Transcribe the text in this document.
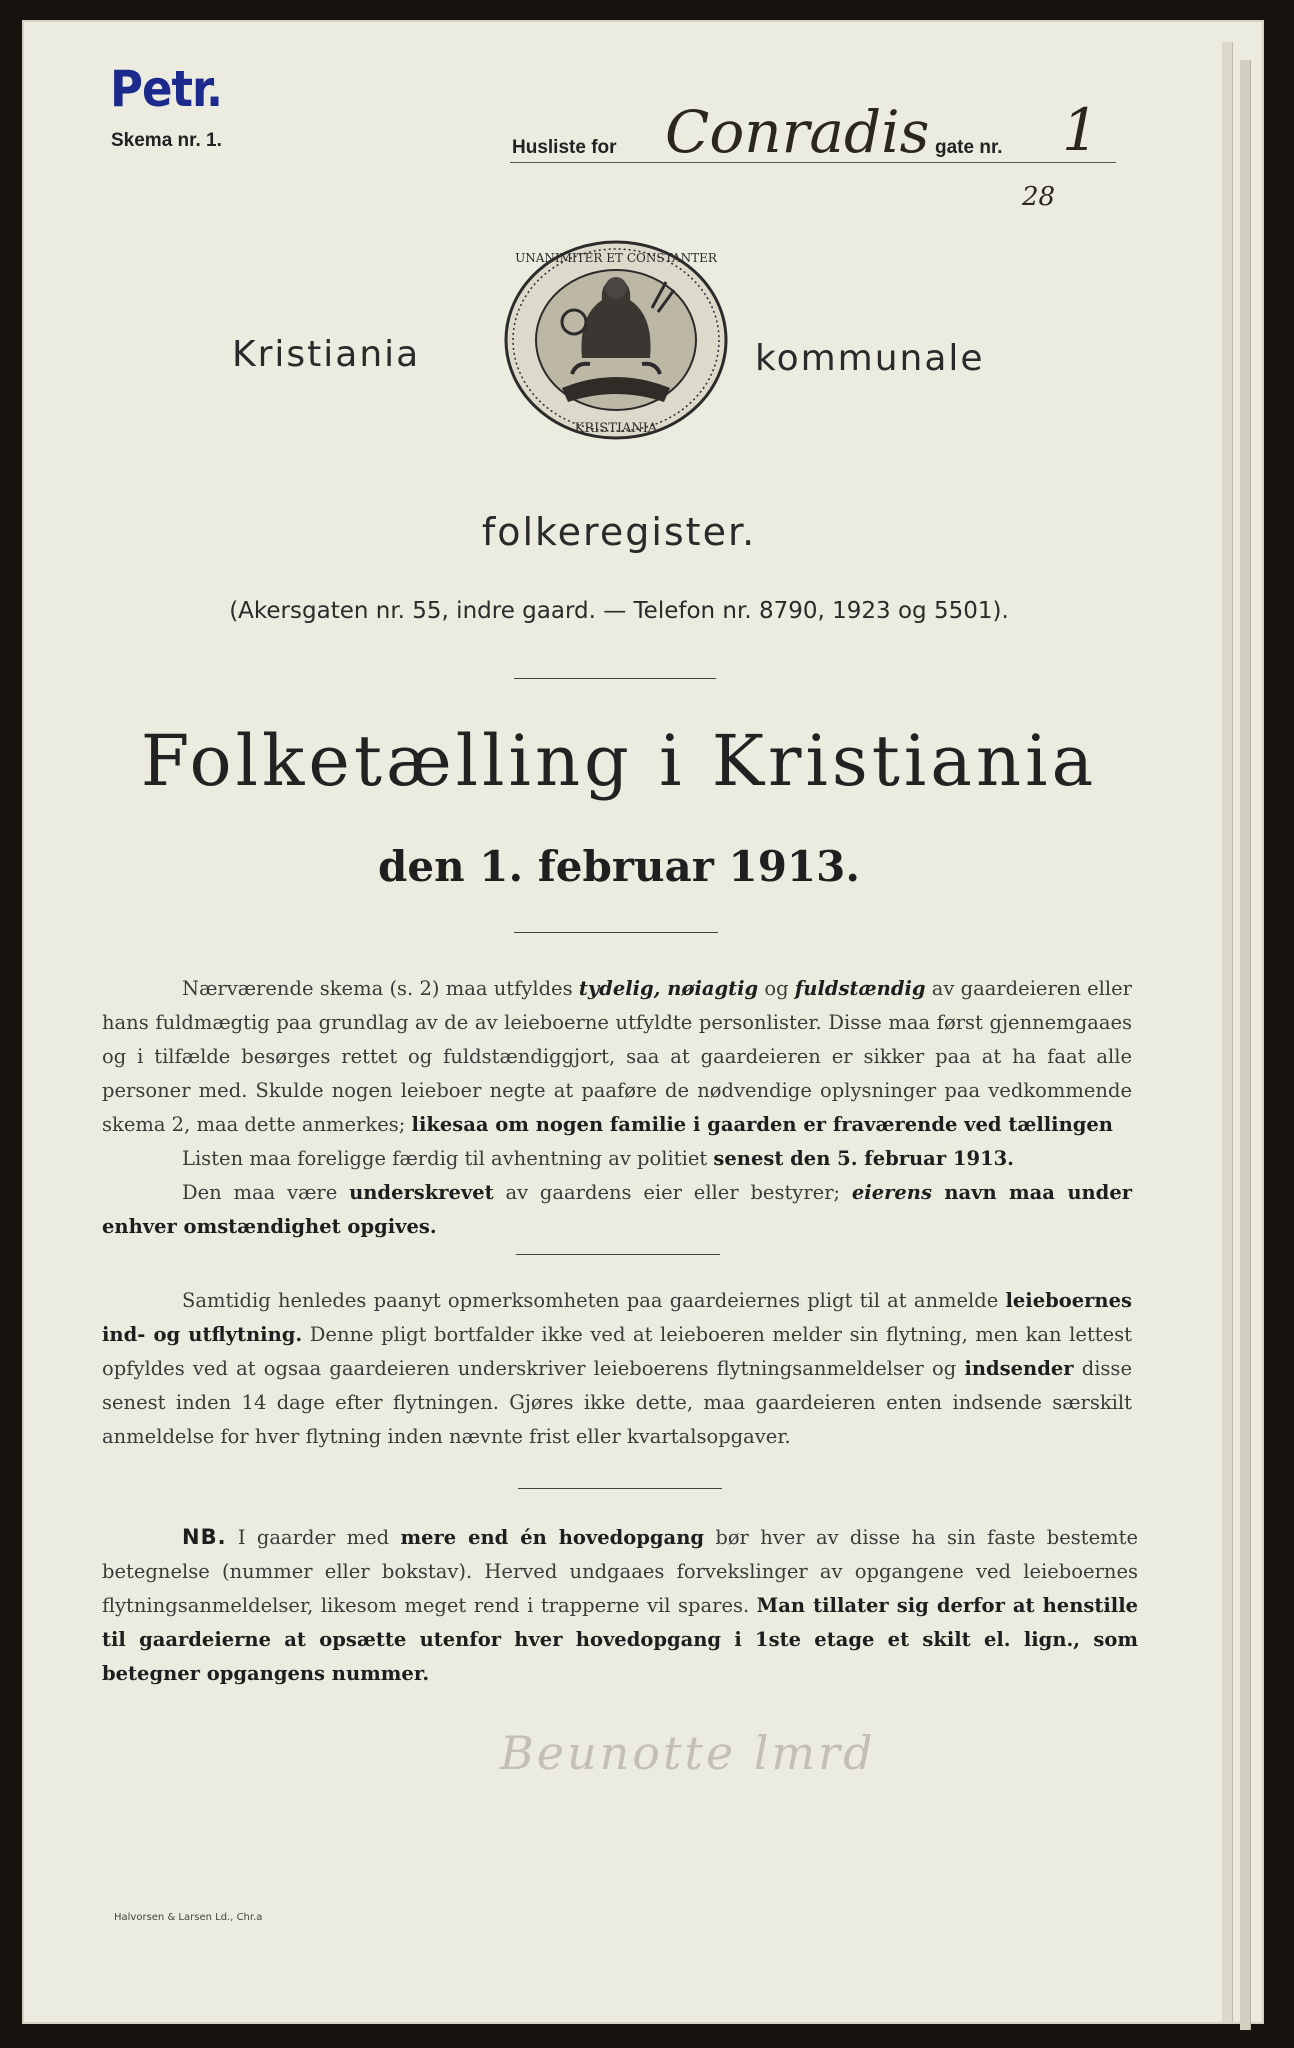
Petr.
Skema nr. 1.	Husliste for Conradis gate nr. 1
28
Kristiania	kommunale
UNANIMITER ET CONSTANTER
KRISTIANIA
folkeregister.
(Akersgaten nr. 55, indre gaard. — Telefon nr. 8790, 1923 og 5501).
Folketælling i Kristiania
den 1. februar 1913.

Nærværende skema (s. 2) maa utfyldes tydelig, nøiagtig og fuldstændig av gaardeieren eller hans fuldmægtig paa grundlag av de av leieboerne utfyldte personlister. Disse maa først gjennemgaaes og i tilfælde besørges rettet og fuldstændiggjort, saa at gaardeieren er sikker paa at ha faat alle personer med. Skulde nogen leieboer negte at paaføre de nødvendige oplysninger paa vedkommende skema 2, maa dette anmerkes; likesaa om nogen familie i gaarden er fraværende ved tællingen

Listen maa foreligge færdig til avhentning av politiet senest den 5. februar 1913.

Den maa være underskrevet av gaardens eier eller bestyrer; eierens navn maa under enhver omstændighet opgives.

Samtidig henledes paanyt opmerksomheten paa gaardeiernes pligt til at anmelde leieboernes ind- og utflytning. Denne pligt bortfalder ikke ved at leieboeren melder sin flytning, men kan lettest opfyldes ved at ogsaa gaardeieren underskriver leieboerens flytningsanmeldelser og indsender disse senest inden 14 dage efter flytningen. Gjøres ikke dette, maa gaardeieren enten indsende særskilt anmeldelse for hver flytning inden nævnte frist eller kvartalsopgaver.

NB. I gaarder med mere end én hovedopgang bør hver av disse ha sin faste bestemte betegnelse (nummer eller bokstav). Herved undgaaes forvekslinger av opgangene ved leieboernes flytningsanmeldelser, likesom meget rend i trapperne vil spares. Man tillater sig derfor at henstille til gaardeierne at opsætte utenfor hver hovedopgang i 1ste etage et skilt el. lign., som betegner opgangens nummer.

Beunotte lmrd
Halvorsen & Larsen Ld., Chr.a
